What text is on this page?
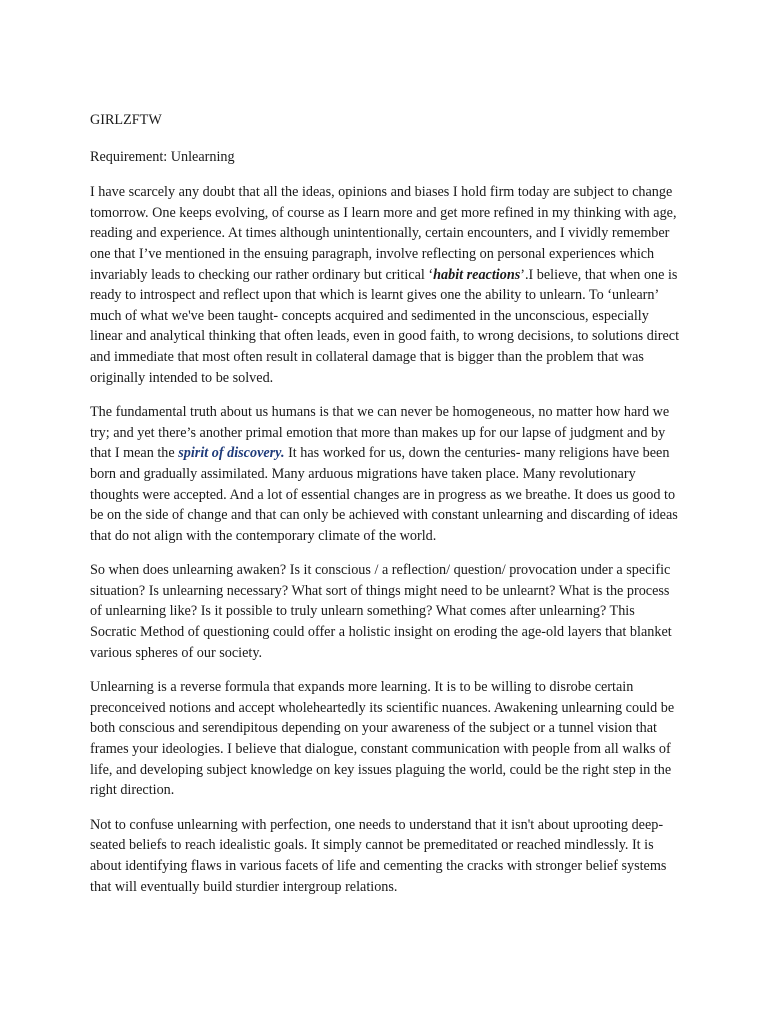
GIRLZFTW

Requirement: Unlearning

I have scarcely any doubt that all the ideas, opinions and biases I hold firm today are subject to change tomorrow. One keeps evolving, of course as I learn more and get more refined in my thinking with age, reading and experience. At times although unintentionally, certain encounters, and I vividly remember one that I’ve mentioned in the ensuing paragraph, involve reflecting on personal experiences which invariably leads to checking our rather ordinary but critical ‘habit reactions’.I believe, that when one is ready to introspect and reflect upon that which is learnt gives one the ability to unlearn. To ‘unlearn’ much of what we've been taught- concepts acquired and sedimented in the unconscious, especially linear and analytical thinking that often leads, even in good faith, to wrong decisions, to solutions direct and immediate that most often result in collateral damage that is bigger than the problem that was originally intended to be solved.

The fundamental truth about us humans is that we can never be homogeneous, no matter how hard we try; and yet there’s another primal emotion that more than makes up for our lapse of judgment and by that I mean the spirit of discovery. It has worked for us, down the centuries- many religions have been born and gradually assimilated. Many arduous migrations have taken place. Many revolutionary thoughts were accepted. And a lot of essential changes are in progress as we breathe. It does us good to be on the side of change and that can only be achieved with constant unlearning and discarding of ideas that do not align with the contemporary climate of the world.

So when does unlearning awaken? Is it conscious / a reflection/ question/ provocation under a specific situation? Is unlearning necessary? What sort of things might need to be unlearnt? What is the process of unlearning like? Is it possible to truly unlearn something? What comes after unlearning? This Socratic Method of questioning could offer a holistic insight on eroding the age-old layers that blanket various spheres of our society.

Unlearning is a reverse formula that expands more learning. It is to be willing to disrobe certain preconceived notions and accept wholeheartedly its scientific nuances. Awakening unlearning could be both conscious and serendipitous depending on your awareness of the subject or a tunnel vision that frames your ideologies. I believe that dialogue, constant communication with people from all walks of life, and developing subject knowledge on key issues plaguing the world, could be the right step in the right direction.

Not to confuse unlearning with perfection, one needs to understand that it isn't about uprooting deep-seated beliefs to reach idealistic goals. It simply cannot be premeditated or reached mindlessly. It is about identifying flaws in various facets of life and cementing the cracks with stronger belief systems that will eventually build sturdier intergroup relations.
